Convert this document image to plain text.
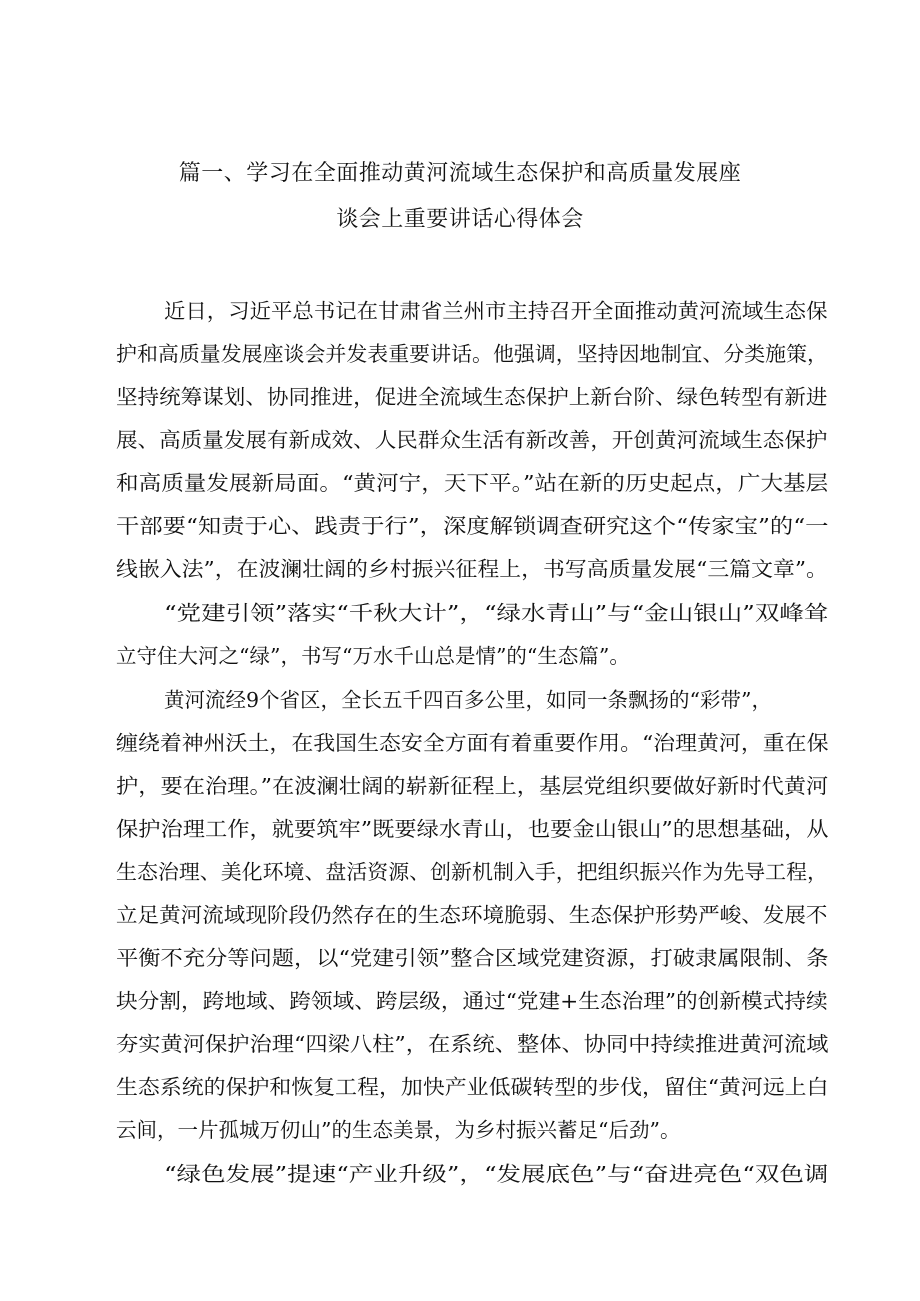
篇一、学习在全面推动黄河流域生态保护和高质量发展座
谈会上重要讲话心得体会
近日，习近平总书记在甘肃省兰州市主持召开全面推动黄河流域生态保
护和高质量发展座谈会并发表重要讲话。他强调，坚持因地制宜、分类施策，
坚持统筹谋划、协同推进，促进全流域生态保护上新台阶、绿色转型有新进
展、高质量发展有新成效、人民群众生活有新改善，开创黄河流域生态保护
和高质量发展新局面。“黄河宁，天下平。”站在新的历史起点，广大基层
干部要“知责于心、践责于行”，深度解锁调查研究这个“传家宝”的“一
线嵌入法”，在波澜壮阔的乡村振兴征程上，书写高质量发展“三篇文章”。
“党建引领”落实“千秋大计”，“绿水青山”与“金山银山”双峰耸
立守住大河之“绿”，书写“万水千山总是情”的“生态篇”。
黄河流经9个省区，全长五千四百多公里，如同一条飘扬的“彩带”，
缠绕着神州沃土，在我国生态安全方面有着重要作用。“治理黄河，重在保
护，要在治理。”在波澜壮阔的崭新征程上，基层党组织要做好新时代黄河
保护治理工作，就要筑牢”既要绿水青山，也要金山银山”的思想基础，从
生态治理、美化环境、盘活资源、创新机制入手，把组织振兴作为先导工程，
立足黄河流域现阶段仍然存在的生态环境脆弱、生态保护形势严峻、发展不
平衡不充分等问题，以“党建引领”整合区域党建资源，打破隶属限制、条
块分割，跨地域、跨领域、跨层级，通过“党建+生态治理”的创新模式持续
夯实黄河保护治理“四梁八柱”，在系统、整体、协同中持续推进黄河流域
生态系统的保护和恢复工程，加快产业低碳转型的步伐，留住“黄河远上白
云间，一片孤城万仞山”的生态美景，为乡村振兴蓄足“后劲”。
“绿色发展”提速“产业升级”，“发展底色”与“奋进亮色“双色调
